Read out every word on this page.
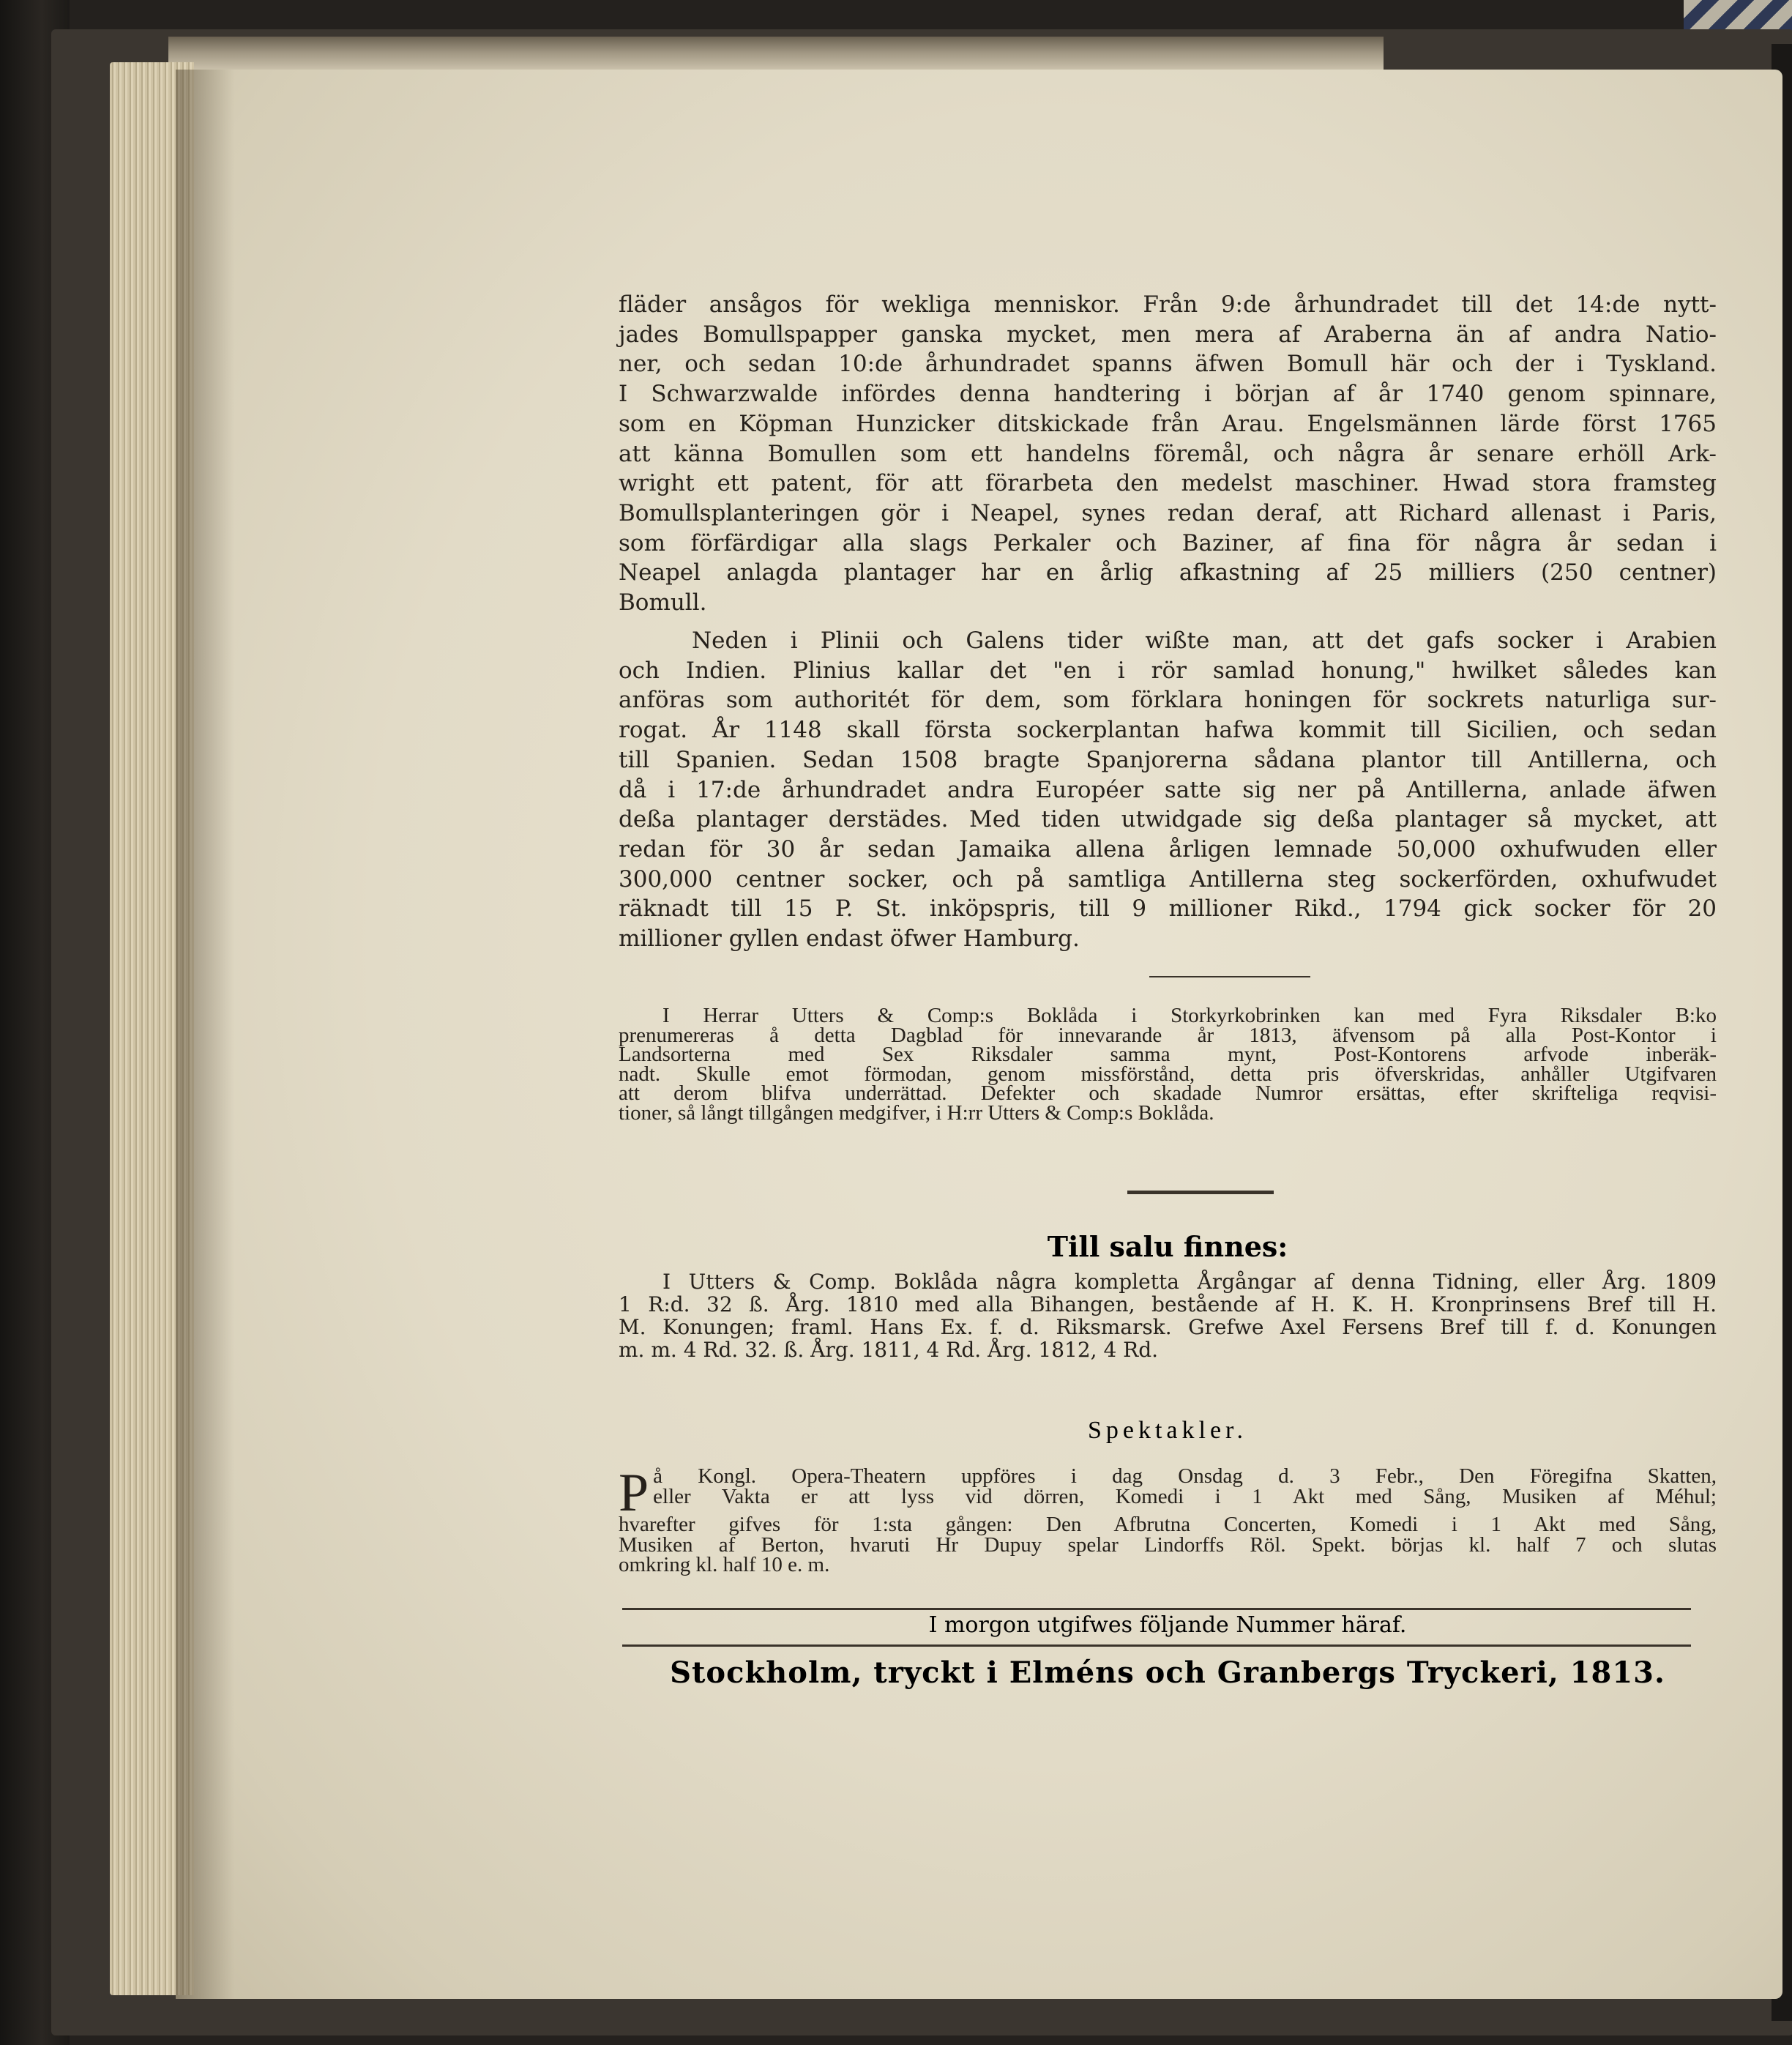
fläder ansågos för wekliga menniskor. Från 9:de århundradet till det 14:de nytt-
jades Bomullspapper ganska mycket, men mera af Araberna än af andra Natio-
ner, och sedan 10:de århundradet spanns äfwen Bomull här och der i Tyskland.
I Schwarzwalde infördes denna handtering i början af år 1740 genom spinnare,
som en Köpman Hunzicker ditskickade från Arau. Engelsmännen lärde först 1765
att känna Bomullen som ett handelns föremål, och några år senare erhöll Ark-
wright ett patent, för att förarbeta den medelst maschiner. Hwad stora framsteg
Bomullsplanteringen gör i Neapel, synes redan deraf, att Richard allenast i Paris,
som förfärdigar alla slags Perkaler och Baziner, af fina för några år sedan i
Neapel anlagda plantager har en årlig afkastning af 25 milliers (250 centner)
Bomull.
Neden i Plinii och Galens tider wißte man, att det gafs socker i Arabien
och Indien. Plinius kallar det "en i rör samlad honung," hwilket således kan
anföras som authoritét för dem, som förklara honingen för sockrets naturliga sur-
rogat. År 1148 skall första sockerplantan hafwa kommit till Sicilien, och sedan
till Spanien. Sedan 1508 bragte Spanjorerna sådana plantor till Antillerna, och
då i 17:de århundradet andra Européer satte sig ner på Antillerna, anlade äfwen
deßa plantager derstädes. Med tiden utwidgade sig deßa plantager så mycket, att
redan för 30 år sedan Jamaika allena årligen lemnade 50,000 oxhufwuden eller
300,000 centner socker, och på samtliga Antillerna steg sockerförden, oxhufwudet
räknadt till 15 P. St. inköpspris, till 9 millioner Rikd., 1794 gick socker för 20
millioner gyllen endast öfwer Hamburg.
I Herrar Utters & Comp:s Boklåda i Storkyrkobrinken kan med Fyra Riksdaler B:ko
prenumereras å detta Dagblad för innevarande år 1813, äfvensom på alla Post-Kontor i
Landsorterna med Sex Riksdaler samma mynt, Post-Kontorens arfvode inberäk-
nadt. Skulle emot förmodan, genom missförstånd, detta pris öfverskridas, anhåller Utgifvaren
att derom blifva underrättad. Defekter och skadade Numror ersättas, efter skrifteliga reqvisi-
tioner, så långt tillgången medgifver, i H:rr Utters & Comp:s Boklåda.
Till salu finnes:
I Utters & Comp. Boklåda några kompletta Årgångar af denna Tidning, eller Årg. 1809
1 R:d. 32 ß. Årg. 1810 med alla Bihangen, bestående af H. K. H. Kronprinsens Bref till H.
M. Konungen; framl. Hans Ex. f. d. Riksmarsk. Grefwe Axel Fersens Bref till f. d. Konungen
m. m. 4 Rd. 32. ß. Årg. 1811, 4 Rd. Årg. 1812, 4 Rd.
Spektakler.
P å Kongl. Opera-Theatern uppföres i dag Onsdag d. 3 Febr., Den Föregifna Skatten,
eller Vakta er att lyss vid dörren, Komedi i 1 Akt med Sång, Musiken af Méhul;
hvarefter gifves för 1:sta gången: Den Afbrutna Concerten, Komedi i 1 Akt med Sång,
Musiken af Berton, hvaruti Hr Dupuy spelar Lindorffs Röl. Spekt. börjas kl. half 7 och slutas
omkring kl. half 10 e. m.
I morgon utgifwes följande Nummer häraf.
Stockholm, tryckt i Elméns och Granbergs Tryckeri, 1813.
